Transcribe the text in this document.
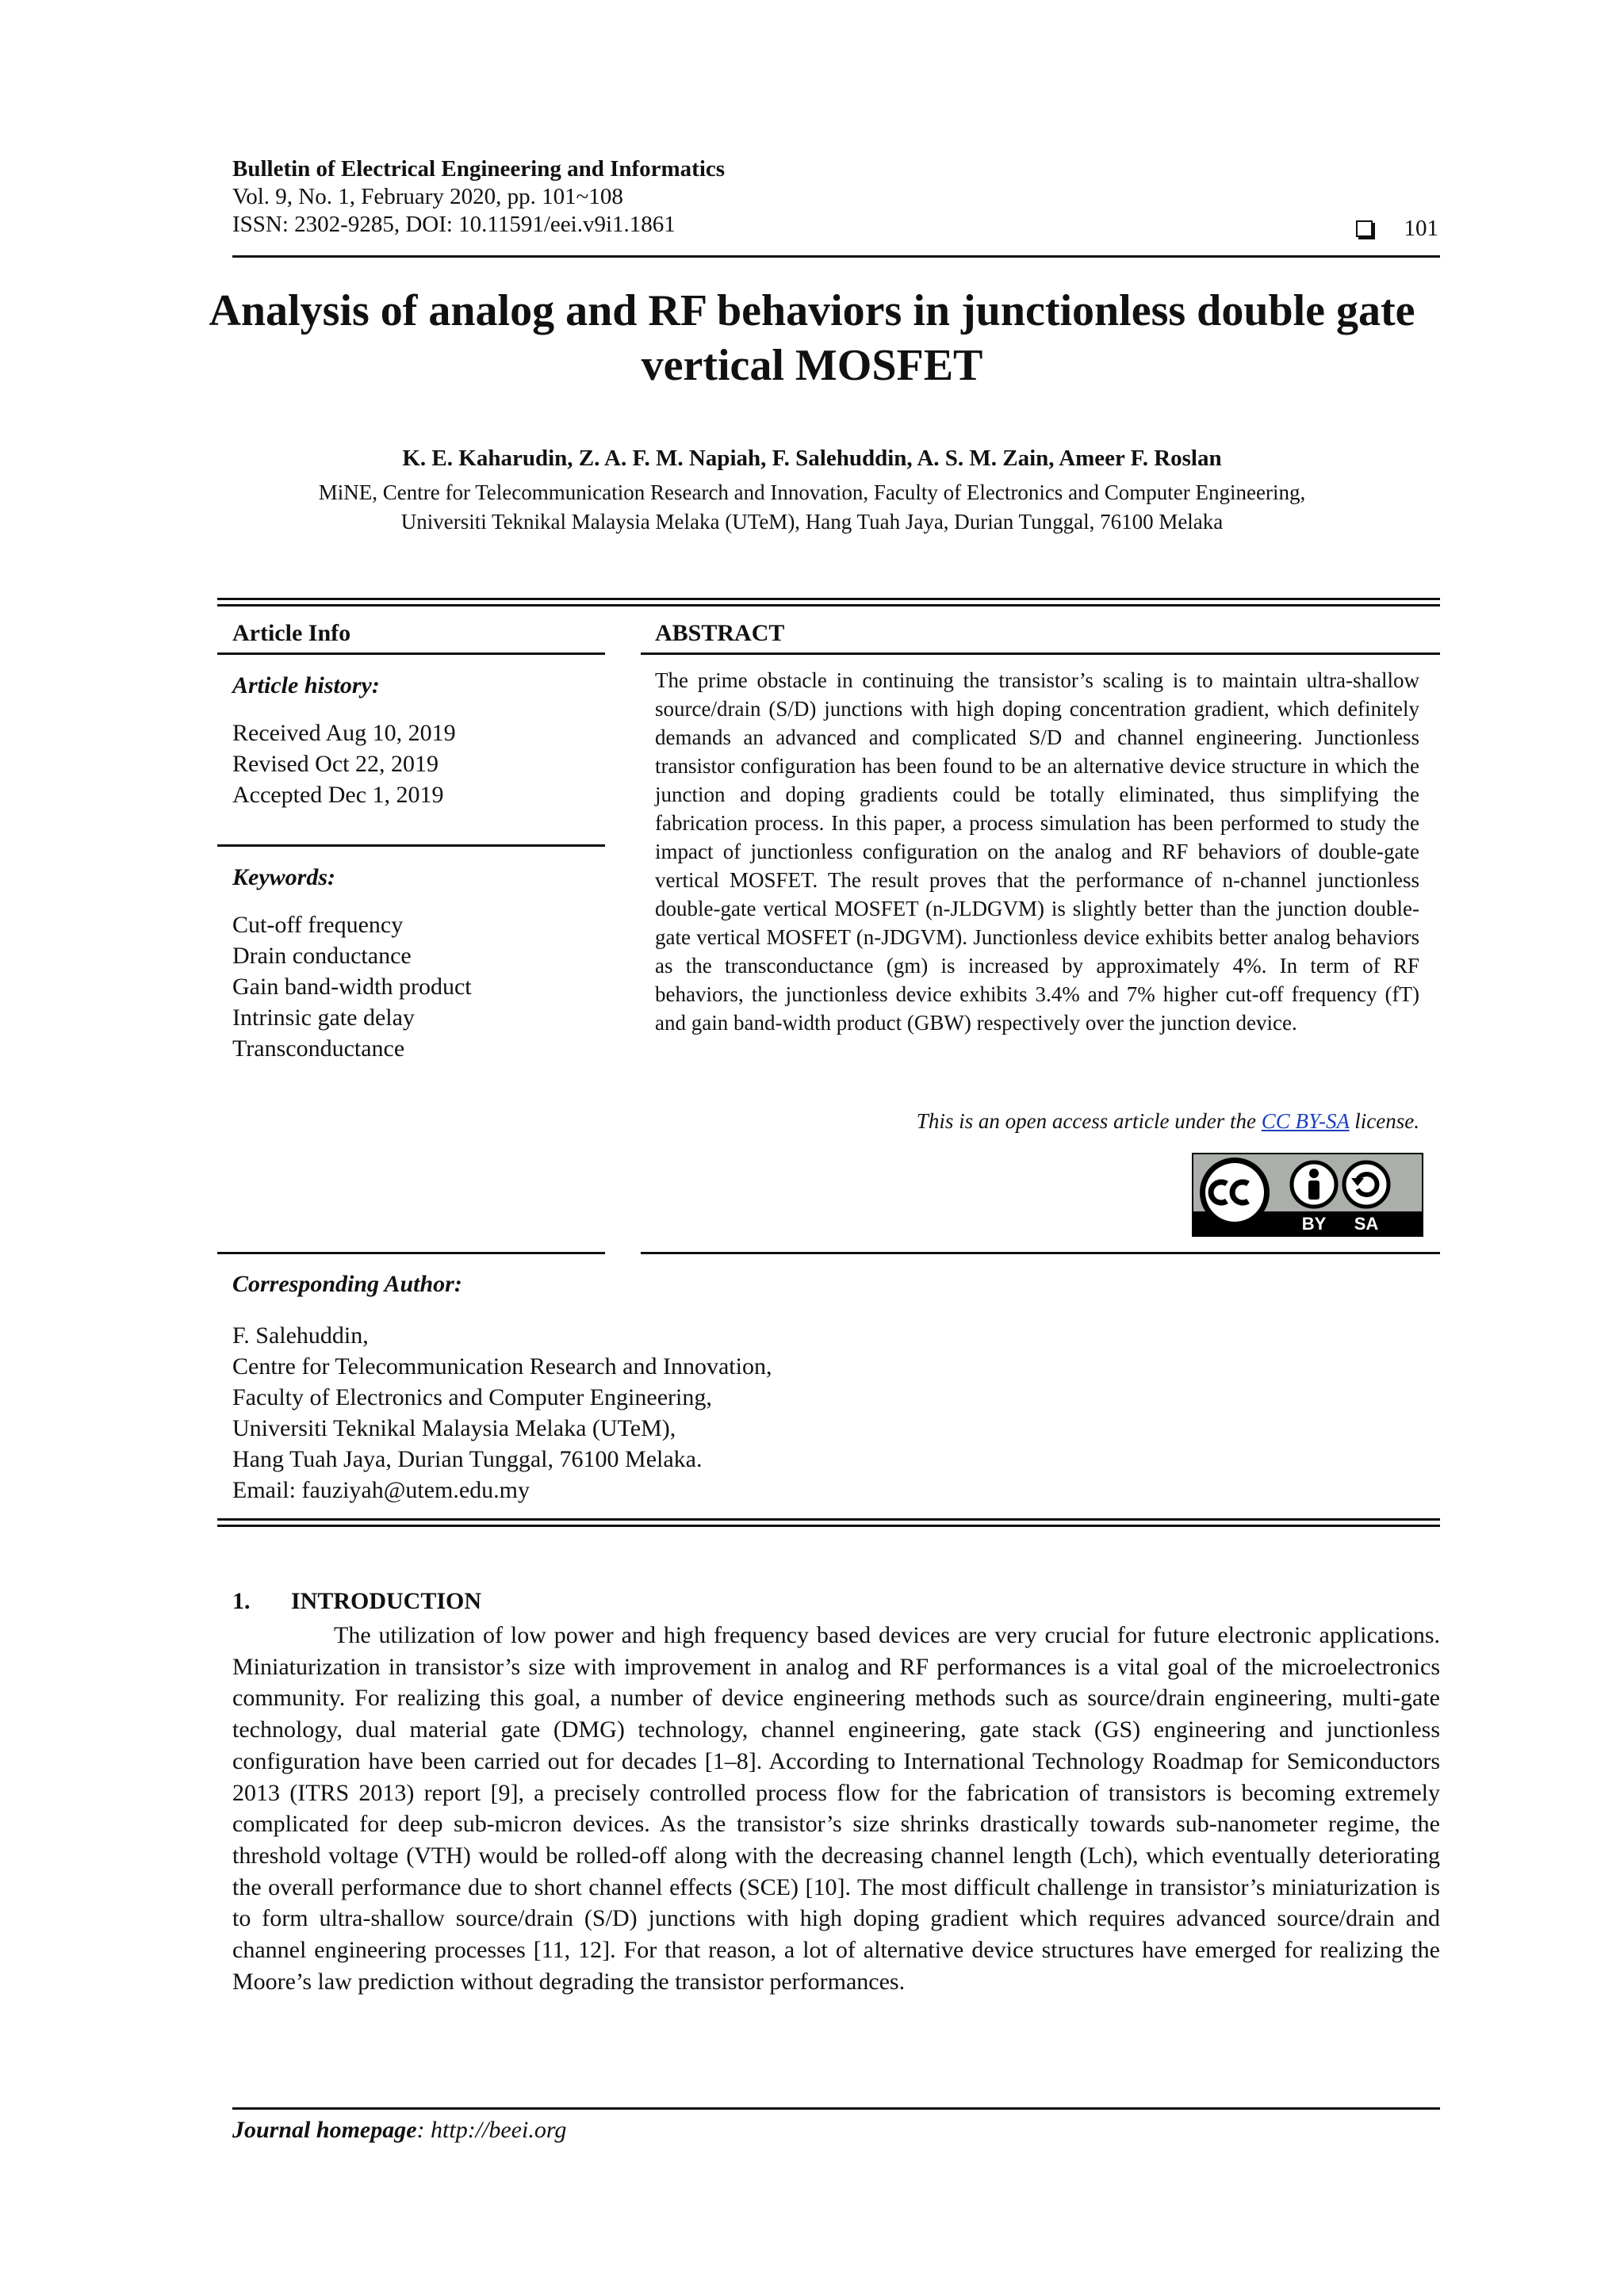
Bulletin of Electrical Engineering and Informatics
Vol. 9, No. 1, February 2020, pp. 101~108
ISSN: 2302-9285, DOI: 10.11591/eei.v9i1.1861	101
Analysis of analog and RF behaviors in junctionless double gate
vertical MOSFET
K. E. Kaharudin, Z. A. F. M. Napiah, F. Salehuddin, A. S. M. Zain, Ameer F. Roslan
MiNE, Centre for Telecommunication Research and Innovation, Faculty of Electronics and Computer Engineering,
Universiti Teknikal Malaysia Melaka (UTeM), Hang Tuah Jaya, Durian Tunggal, 76100 Melaka
Article Info
Article history:
Received Aug 10, 2019
Revised Oct 22, 2019
Accepted Dec 1, 2019
Keywords:
Cut-off frequency
Drain conductance
Gain band-width product
Intrinsic gate delay
Transconductance
ABSTRACT
The prime obstacle in continuing the transistor’s scaling is to maintain ultra-shallow source/drain (S/D) junctions with high doping concentration gradient, which definitely demands an advanced and complicated S/D and channel engineering. Junctionless transistor configuration has been found to be an alternative device structure in which the junction and doping gradients could be totally eliminated, thus simplifying the fabrication process. In this paper, a process simulation has been performed to study the impact of junctionless configuration on the analog and RF behaviors of double-gate vertical MOSFET. The result proves that the performance of n-channel junctionless double-gate vertical MOSFET (n-JLDGVM) is slightly better than the junction double-gate vertical MOSFET (n-JDGVM). Junctionless device exhibits better analog behaviors as the transconductance (gm) is increased by approximately 4%. In term of RF behaviors, the junctionless device exhibits 3.4% and 7% higher cut-off frequency (fT) and gain band-width product (GBW) respectively over the junction device.
This is an open access article under the CC BY-SA license.
BY SA
Corresponding Author:
F. Salehuddin,
Centre for Telecommunication Research and Innovation,
Faculty of Electronics and Computer Engineering,
Universiti Teknikal Malaysia Melaka (UTeM),
Hang Tuah Jaya, Durian Tunggal, 76100 Melaka.
Email: fauziyah@utem.edu.my
1. INTRODUCTION
The utilization of low power and high frequency based devices are very crucial for future electronic applications. Miniaturization in transistor’s size with improvement in analog and RF performances is a vital goal of the microelectronics community. For realizing this goal, a number of device engineering methods such as source/drain engineering, multi-gate technology, dual material gate (DMG) technology, channel engineering, gate stack (GS) engineering and junctionless configuration have been carried out for decades [1–8]. According to International Technology Roadmap for Semiconductors 2013 (ITRS 2013) report [9], a precisely controlled process flow for the fabrication of transistors is becoming extremely complicated for deep sub-micron devices. As the transistor’s size shrinks drastically towards sub-nanometer regime, the threshold voltage (VTH) would be rolled-off along with the decreasing channel length (Lch), which eventually deteriorating the overall performance due to short channel effects (SCE) [10]. The most difficult challenge in transistor’s miniaturization is to form ultra-shallow source/drain (S/D) junctions with high doping gradient which requires advanced source/drain and channel engineering processes [11, 12]. For that reason, a lot of alternative device structures have emerged for realizing the Moore’s law prediction without degrading the transistor performances.
Journal homepage: http://beei.org
